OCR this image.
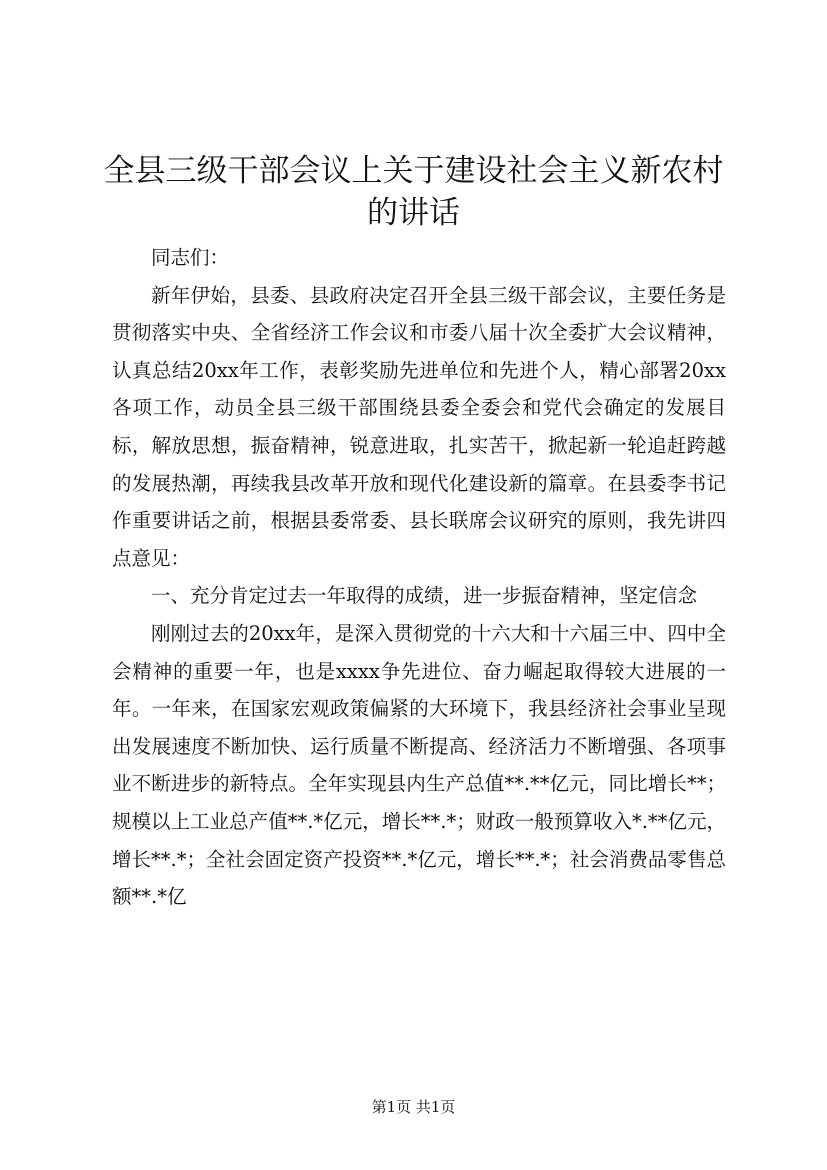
全县三级干部会议上关于建设社会主义新农村的讲话

同志们：

新年伊始，县委、县政府决定召开全县三级干部会议，主要任务是贯彻落实中央、全省经济工作会议和市委八届十次全委扩大会议精神，认真总结20xx年工作，表彰奖励先进单位和先进个人，精心部署20xx各项工作，动员全县三级干部围绕县委全委会和党代会确定的发展目标，解放思想，振奋精神，锐意进取，扎实苦干，掀起新一轮追赶跨越的发展热潮，再续我县改革开放和现代化建设新的篇章。在县委李书记作重要讲话之前，根据县委常委、县长联席会议研究的原则，我先讲四点意见：

一、充分肯定过去一年取得的成绩，进一步振奋精神，坚定信念

刚刚过去的20xx年，是深入贯彻党的十六大和十六届三中、四中全会精神的重要一年，也是xxxx争先进位、奋力崛起取得较大进展的一年。一年来，在国家宏观政策偏紧的大环境下，我县经济社会事业呈现出发展速度不断加快、运行质量不断提高、经济活力不断增强、各项事业不断进步的新特点。全年实现县内生产总值**.**亿元，同比增长**；规模以上工业总产值**.*亿元，增长**.*；财政一般预算收入*.**亿元，增长**.*；全社会固定资产投资**.*亿元，增长**.*；社会消费品零售总额**.*亿

第1页 共1页
